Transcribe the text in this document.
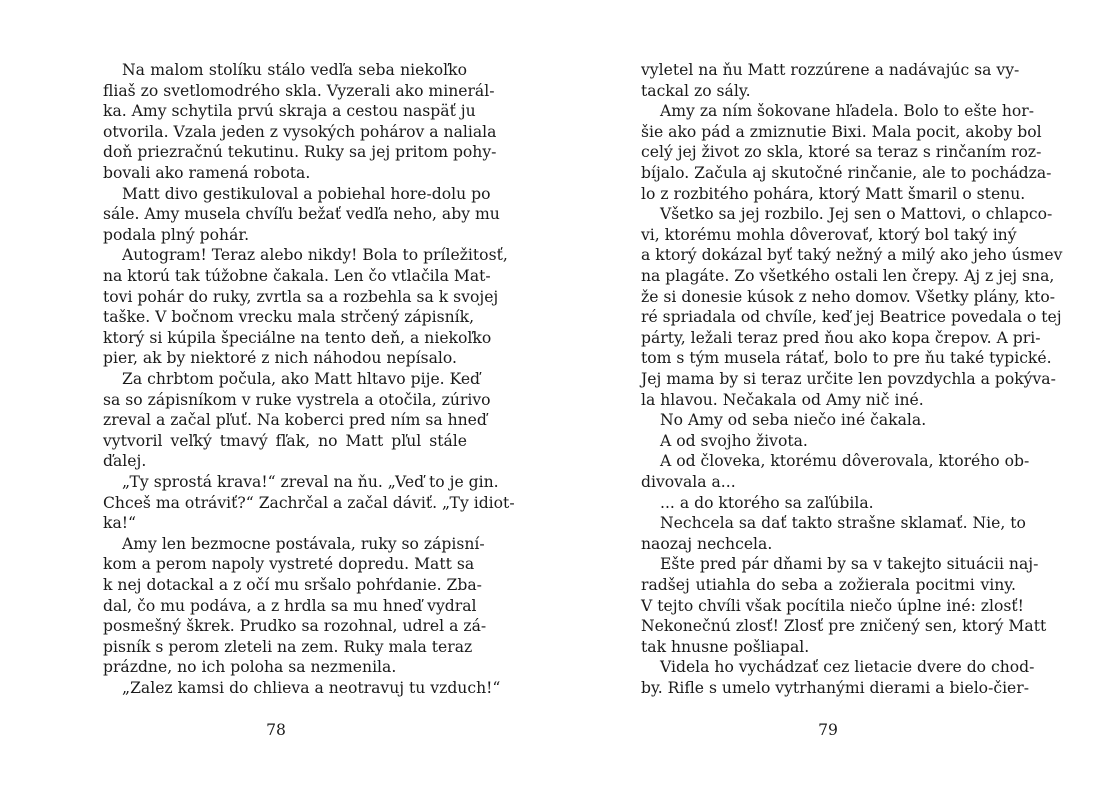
Na malom stolíku stálo vedľa seba niekoľko
fliaš zo svetlomodrého skla. Vyzerali ako minerál-
ka. Amy schytila prvú skraja a cestou naspäť ju
otvorila. Vzala jeden z vysokých pohárov a naliala
doň priezračnú tekutinu. Ruky sa jej pritom pohy-
bovali ako ramená robota.
Matt divo gestikuloval a pobiehal hore-dolu po
sále. Amy musela chvíľu bežať vedľa neho, aby mu
podala plný pohár.
Autogram! Teraz alebo nikdy! Bola to príležitosť,
na ktorú tak túžobne čakala. Len čo vtlačila Mat-
tovi pohár do ruky, zvrtla sa a rozbehla sa k svojej
taške. V bočnom vrecku mala strčený zápisník,
ktorý si kúpila špeciálne na tento deň, a niekoľko
pier, ak by niektoré z nich náhodou nepísalo.
Za chrbtom počula, ako Matt hltavo pije. Keď
sa so zápisníkom v ruke vystrela a otočila, zúrivo
zreval a začal pľuť. Na koberci pred ním sa hneď
vytvoril veľký tmavý fľak, no Matt pľul stále
ďalej.
„Ty sprostá krava!“ zreval na ňu. „Veď to je gin.
Chceš ma otráviť?“ Zachrčal a začal dáviť. „Ty idiot-
ka!“
Amy len bezmocne postávala, ruky so zápisní-
kom a perom napoly vystreté dopredu. Matt sa
k nej dotackal a z očí mu sršalo pohŕdanie. Zba-
dal, čo mu podáva, a z hrdla sa mu hneď vydral
posmešný škrek. Prudko sa rozohnal, udrel a zá-
pisník s perom zleteli na zem. Ruky mala teraz
prázdne, no ich poloha sa nezmenila.
„Zalez kamsi do chlieva a neotravuj tu vzduch!“
vyletel na ňu Matt rozzúrene a nadávajúc sa vy-
tackal zo sály.
Amy za ním šokovane hľadela. Bolo to ešte hor-
šie ako pád a zmiznutie Bixi. Mala pocit, akoby bol
celý jej život zo skla, ktoré sa teraz s rinčaním roz-
bíjalo. Začula aj skutočné rinčanie, ale to pochádza-
lo z rozbitého pohára, ktorý Matt šmaril o stenu.
Všetko sa jej rozbilo. Jej sen o Mattovi, o chlapco-
vi, ktorému mohla dôverovať, ktorý bol taký iný
a ktorý dokázal byť taký nežný a milý ako jeho úsmev
na plagáte. Zo všetkého ostali len črepy. Aj z jej sna,
že si donesie kúsok z neho domov. Všetky plány, kto-
ré spriadala od chvíle, keď jej Beatrice povedala o tej
párty, ležali teraz pred ňou ako kopa črepov. A pri-
tom s tým musela rátať, bolo to pre ňu také typické.
Jej mama by si teraz určite len povzdychla a pokýva-
la hlavou. Nečakala od Amy nič iné.
No Amy od seba niečo iné čakala.
A od svojho života.
A od človeka, ktorému dôverovala, ktorého ob-
divovala a...
... a do ktorého sa zaľúbila.
Nechcela sa dať takto strašne sklamať. Nie, to
naozaj nechcela.
Ešte pred pár dňami by sa v takejto situácii naj-
radšej utiahla do seba a zožierala pocitmi viny.
V tejto chvíli však pocítila niečo úplne iné: zlosť!
Nekonečnú zlosť! Zlosť pre zničený sen, ktorý Matt
tak hnusne pošliapal.
Videla ho vychádzať cez lietacie dvere do chod-
by. Rifle s umelo vytrhanými dierami a bielo-čier-
78	79
